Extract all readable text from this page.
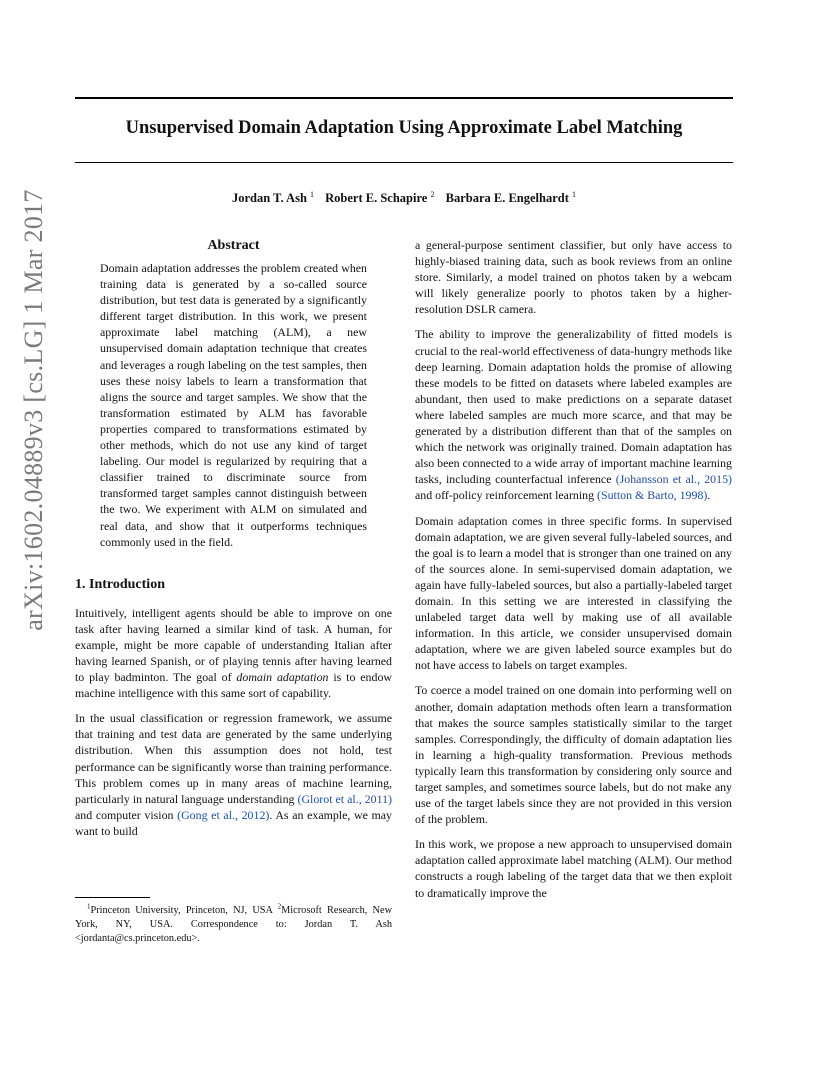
Unsupervised Domain Adaptation Using Approximate Label Matching
Jordan T. Ash $^1$ Robert E. Schapire $^2$ Barbara E. Engelhardt $^1$
arXiv:1602.04889v3 [cs.LG] 1 Mar 2017	Abstract

Domain adaptation addresses the problem created when training data is generated by a so-called source distribution, but test data is generated by a significantly different target distribution. In this work, we present approximate label matching (ALM), a new unsupervised domain adaptation technique that creates and leverages a rough labeling on the test samples, then uses these noisy labels to learn a transformation that aligns the source and target samples. We show that the transformation estimated by ALM has favorable properties compared to transformations estimated by other methods, which do not use any kind of target labeling. Our model is regularized by requiring that a classifier trained to discriminate source from transformed target samples cannot distinguish between the two. We experiment with ALM on simulated and real data, and show that it outperforms techniques commonly used in the field.

1. Introduction

Intuitively, intelligent agents should be able to improve on one task after having learned a similar kind of task. A human, for example, might be more capable of understanding Italian after having learned Spanish, or of playing tennis after having learned to play badminton. The goal of domain adaptation is to endow machine intelligence with this same sort of capability.

In the usual classification or regression framework, we assume that training and test data are generated by the same underlying distribution. When this assumption does not hold, test performance can be significantly worse than training performance. This problem comes up in many areas of machine learning, particularly in natural language understanding (Glorot et al., 2011) and computer vision (Gong et al., 2012). As an example, we may want to build

$^1$Princeton University, Princeton, NJ, USA $^2$Microsoft Research, New York, NY, USA. Correspondence to: Jordan T. Ash <jordanta@cs.princeton.edu>.

a general-purpose sentiment classifier, but only have access to highly-biased training data, such as book reviews from an online store. Similarly, a model trained on photos taken by a webcam will likely generalize poorly to photos taken by a higher-resolution DSLR camera.

The ability to improve the generalizability of fitted models is crucial to the real-world effectiveness of data-hungry methods like deep learning. Domain adaptation holds the promise of allowing these models to be fitted on datasets where labeled examples are abundant, then used to make predictions on a separate dataset where labeled samples are much more scarce, and that may be generated by a distribution different than that of the samples on which the network was originally trained. Domain adaptation has also been connected to a wide array of important machine learning tasks, including counterfactual inference (Johansson et al., 2015) and off-policy reinforcement learning (Sutton & Barto, 1998).

Domain adaptation comes in three specific forms. In supervised domain adaptation, we are given several fully-labeled sources, and the goal is to learn a model that is stronger than one trained on any of the sources alone. In semi-supervised domain adaptation, we again have fully-labeled sources, but also a partially-labeled target domain. In this setting we are interested in classifying the unlabeled target data well by making use of all available information. In this article, we consider unsupervised domain adaptation, where we are given labeled source examples but do not have access to labels on target examples.

To coerce a model trained on one domain into performing well on another, domain adaptation methods often learn a transformation that makes the source samples statistically similar to the target samples. Correspondingly, the difficulty of domain adaptation lies in learning a high-quality transformation. Previous methods typically learn this transformation by considering only source and target samples, and sometimes source labels, but do not make any use of the target labels since they are not provided in this version of the problem.

In this work, we propose a new approach to unsupervised domain adaptation called approximate label matching (ALM). Our method constructs a rough labeling of the target data that we then exploit to dramatically improve the
